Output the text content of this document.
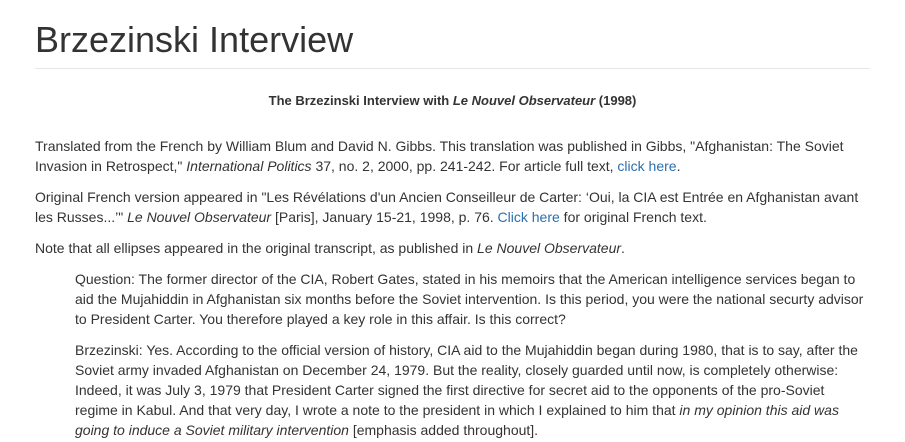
Brzezinski Interview
The Brzezinski Interview with Le Nouvel Observateur (1998)

Translated from the French by William Blum and David N. Gibbs. This translation was published in Gibbs, "Afghanistan: The Soviet Invasion in Retrospect," International Politics 37, no. 2, 2000, pp. 241-242. For article full text, click here.

Original French version appeared in "Les Révélations d'un Ancien Conseilleur de Carter: ‘Oui, la CIA est Entrée en Afghanistan avant les Russes...’" Le Nouvel Observateur [Paris], January 15-21, 1998, p. 76. Click here for original French text.

Note that all ellipses appeared in the original transcript, as published in Le Nouvel Observateur.

Question: The former director of the CIA, Robert Gates, stated in his memoirs that the American intelligence services began to aid the Mujahiddin in Afghanistan six months before the Soviet intervention. Is this period, you were the national securty advisor to President Carter. You therefore played a key role in this affair. Is this correct?

Brzezinski: Yes. According to the official version of history, CIA aid to the Mujahiddin began during 1980, that is to say, after the Soviet army invaded Afghanistan on December 24, 1979. But the reality, closely guarded until now, is completely otherwise: Indeed, it was July 3, 1979 that President Carter signed the first directive for secret aid to the opponents of the pro-Soviet regime in Kabul. And that very day, I wrote a note to the president in which I explained to him that in my opinion this aid was going to induce a Soviet military intervention [emphasis added throughout].
